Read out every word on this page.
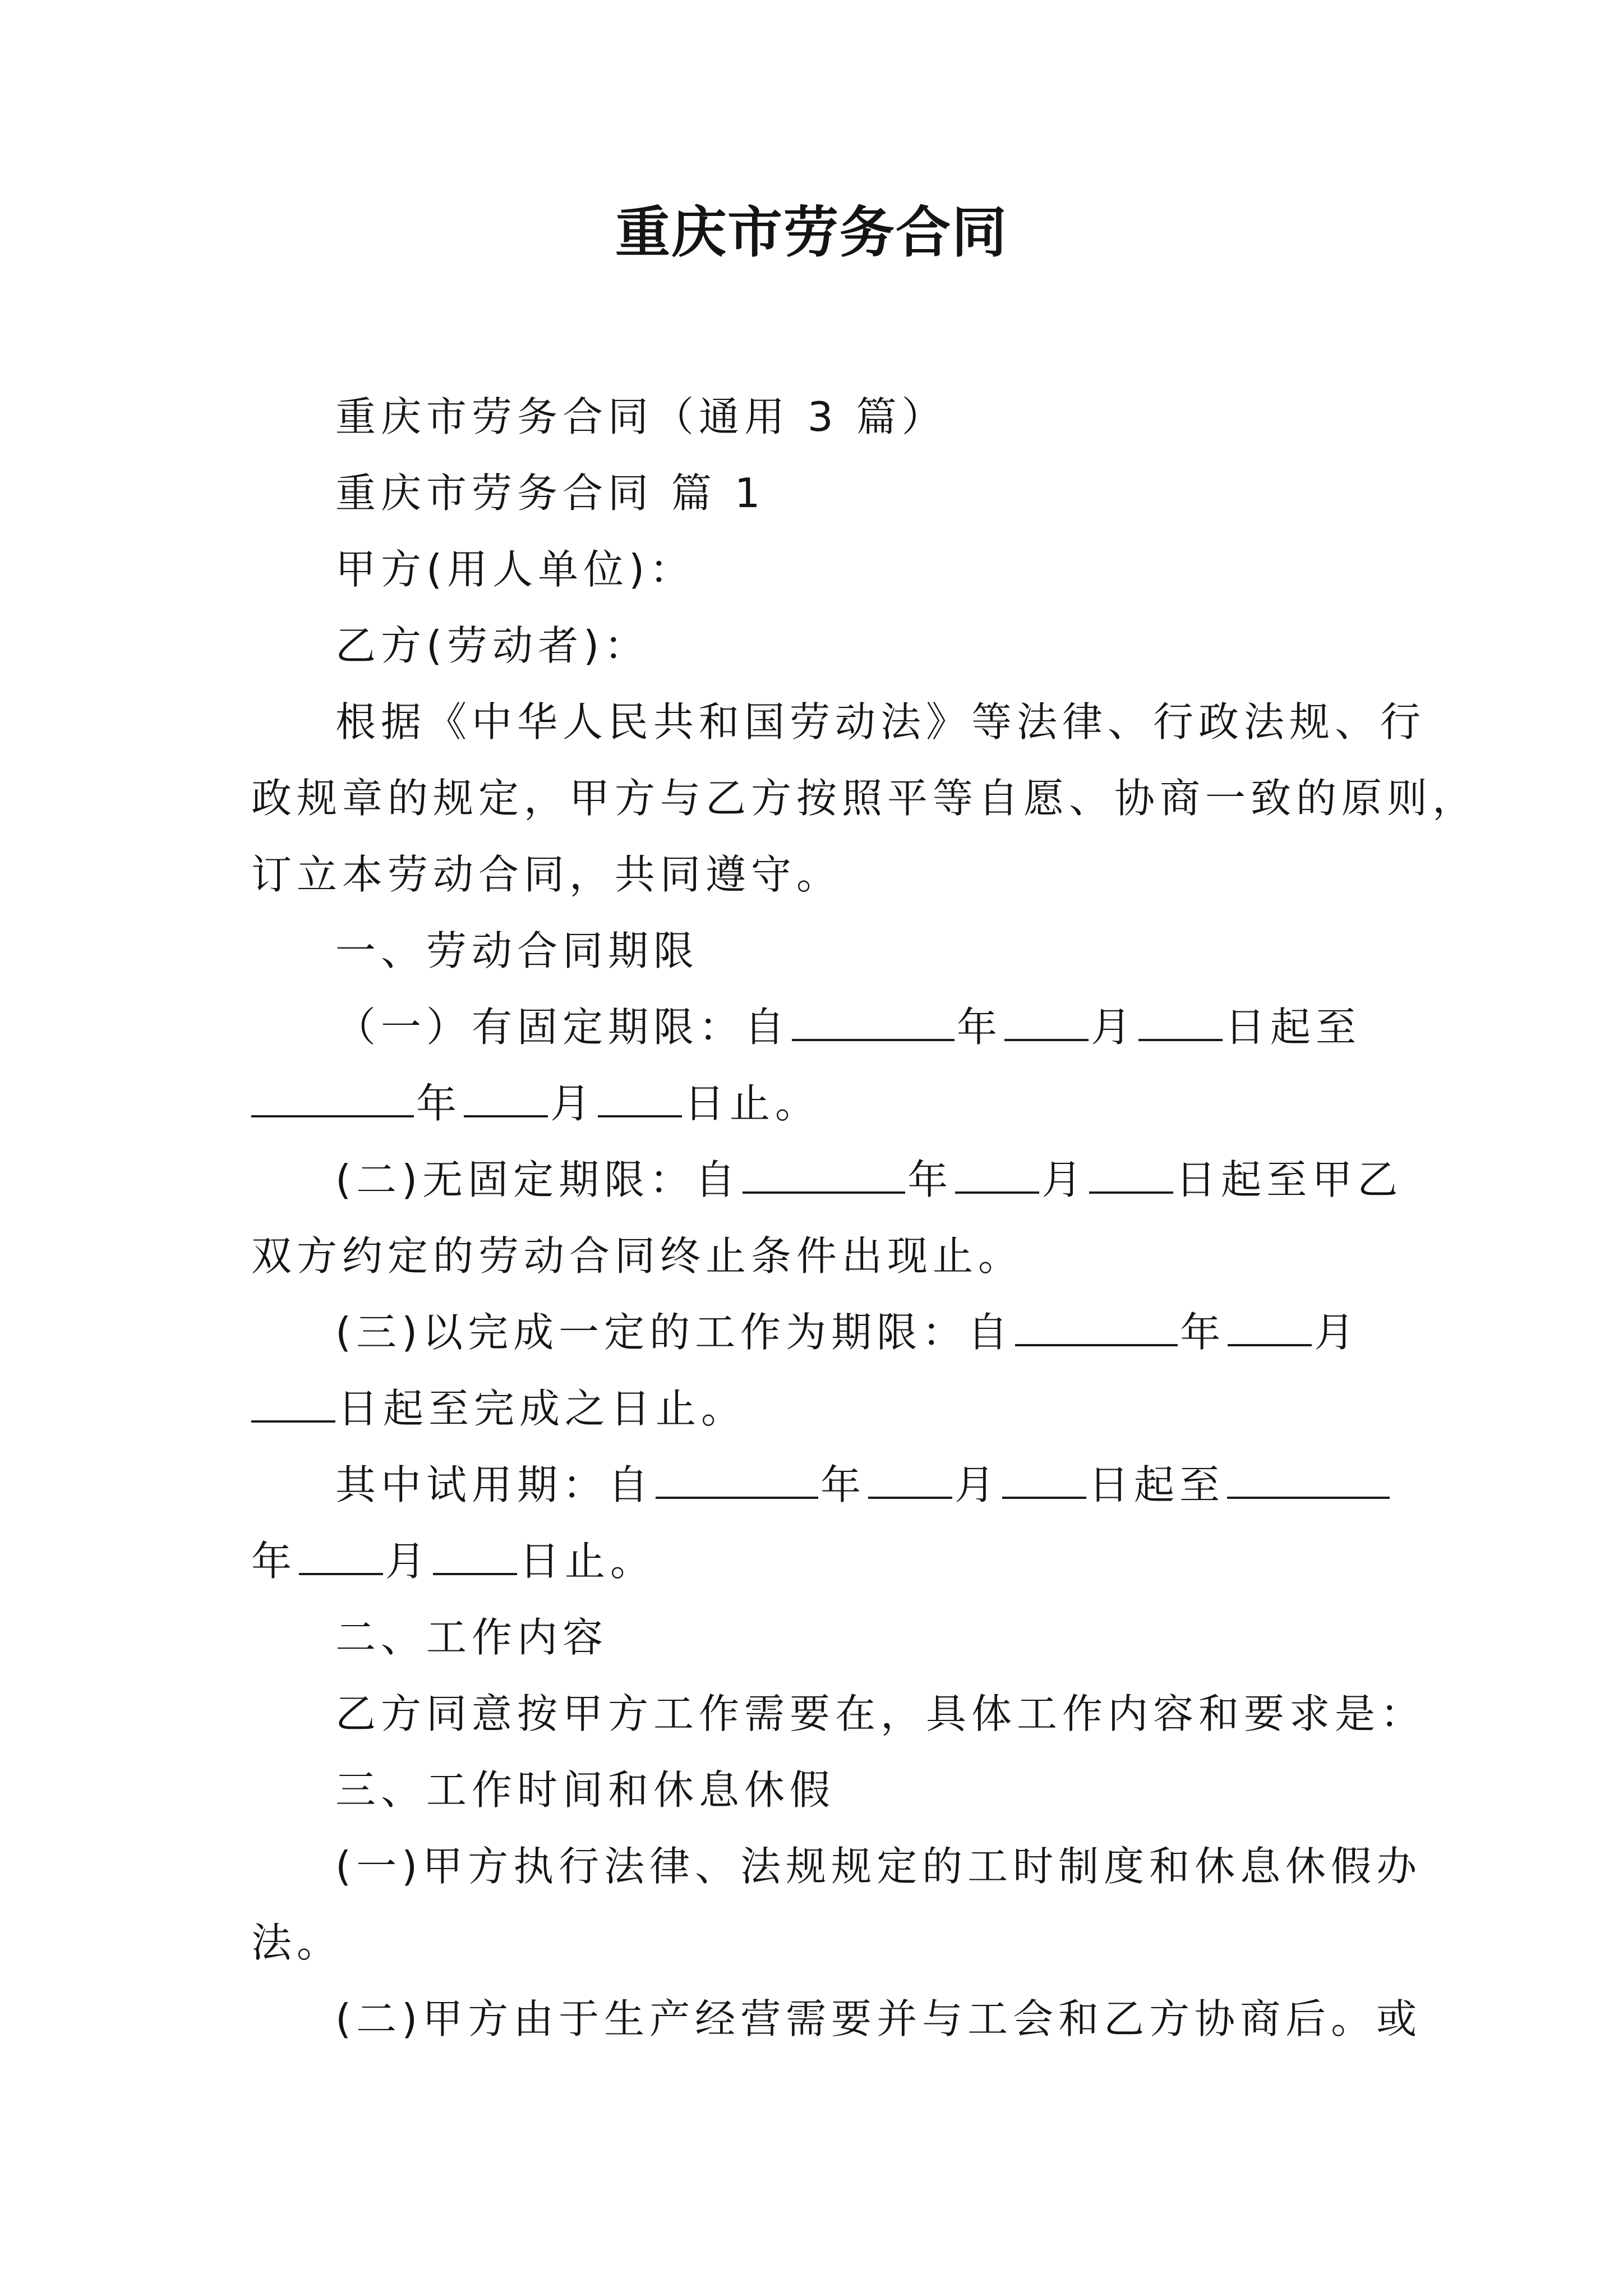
重庆市劳务合同

重庆市劳务合同（通用 3 篇）

重庆市劳务合同 篇 1

甲方(用人单位)：

乙方(劳动者)：

根据《中华人民共和国劳动法》等法律、行政法规、行

政规章的规定，甲方与乙方按照平等自愿、协商一致的原则，

订立本劳动合同，共同遵守。

一、劳动合同期限

（一）有固定期限：自	年 月 日起至

年 月 日止。

(二)无固定期限：自	年 月 日起至甲乙

双方约定的劳动合同终止条件出现止。

(三)以完成一定的工作为期限：自	年 月

日起至完成之日止。

其中试用期：自	年 月 日起至

年 月 日止。

二、工作内容

乙方同意按甲方工作需要在，具体工作内容和要求是：

三、工作时间和休息休假

(一)甲方执行法律、法规规定的工时制度和休息休假办

法。

(二)甲方由于生产经营需要并与工会和乙方协商后。或
